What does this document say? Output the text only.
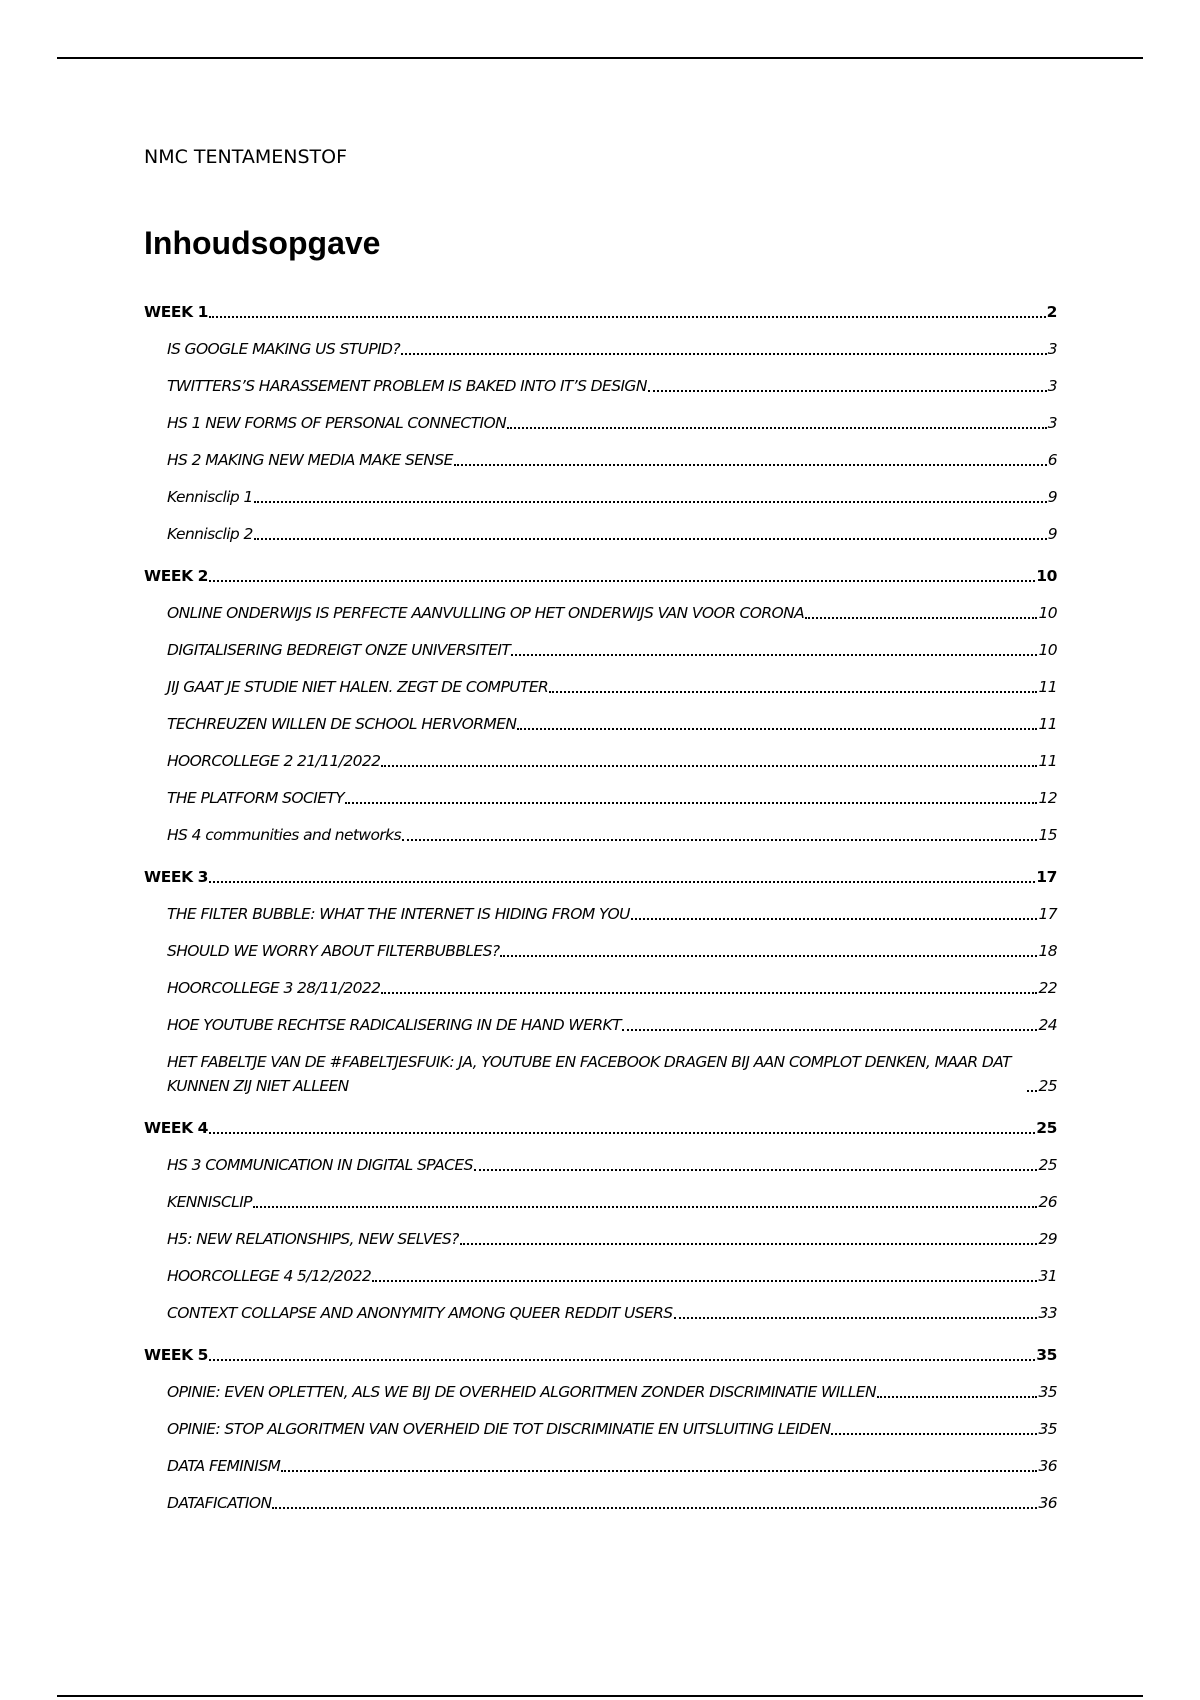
NMC TENTAMENSTOF
Inhoudsopgave
WEEK 1	2
IS GOOGLE MAKING US STUPID?	3
TWITTERS’S HARASSEMENT PROBLEM IS BAKED INTO IT’S DESIGN	3
HS 1 NEW FORMS OF PERSONAL CONNECTION	3
HS 2 MAKING NEW MEDIA MAKE SENSE	6
Kennisclip 1	9
Kennisclip 2	9
WEEK 2	10
ONLINE ONDERWIJS IS PERFECTE AANVULLING OP HET ONDERWIJS VAN VOOR CORONA	10
DIGITALISERING BEDREIGT ONZE UNIVERSITEIT	10
JIJ GAAT JE STUDIE NIET HALEN. ZEGT DE COMPUTER	11
TECHREUZEN WILLEN DE SCHOOL HERVORMEN	11
HOORCOLLEGE 2 21/11/2022	11
THE PLATFORM SOCIETY	12
HS 4 communities and networks	15
WEEK 3	17
THE FILTER BUBBLE: WHAT THE INTERNET IS HIDING FROM YOU	17
SHOULD WE WORRY ABOUT FILTERBUBBLES?	18
HOORCOLLEGE 3 28/11/2022	22
HOE YOUTUBE RECHTSE RADICALISERING IN DE HAND WERKT	24
HET FABELTJE VAN DE #FABELTJESFUIK: JA, YOUTUBE EN FACEBOOK DRAGEN BIJ AAN COMPLOT DENKEN, MAAR DAT KUNNEN ZIJ NIET ALLEEN	25
WEEK 4	25
HS 3 COMMUNICATION IN DIGITAL SPACES	25
KENNISCLIP	26
H5: NEW RELATIONSHIPS, NEW SELVES?	29
HOORCOLLEGE 4 5/12/2022	31
CONTEXT COLLAPSE AND ANONYMITY AMONG QUEER REDDIT USERS	33
WEEK 5	35
OPINIE: EVEN OPLETTEN, ALS WE BIJ DE OVERHEID ALGORITMEN ZONDER DISCRIMINATIE WILLEN	35
OPINIE: STOP ALGORITMEN VAN OVERHEID DIE TOT DISCRIMINATIE EN UITSLUITING LEIDEN	35
DATA FEMINISM	36
DATAFICATION	36
